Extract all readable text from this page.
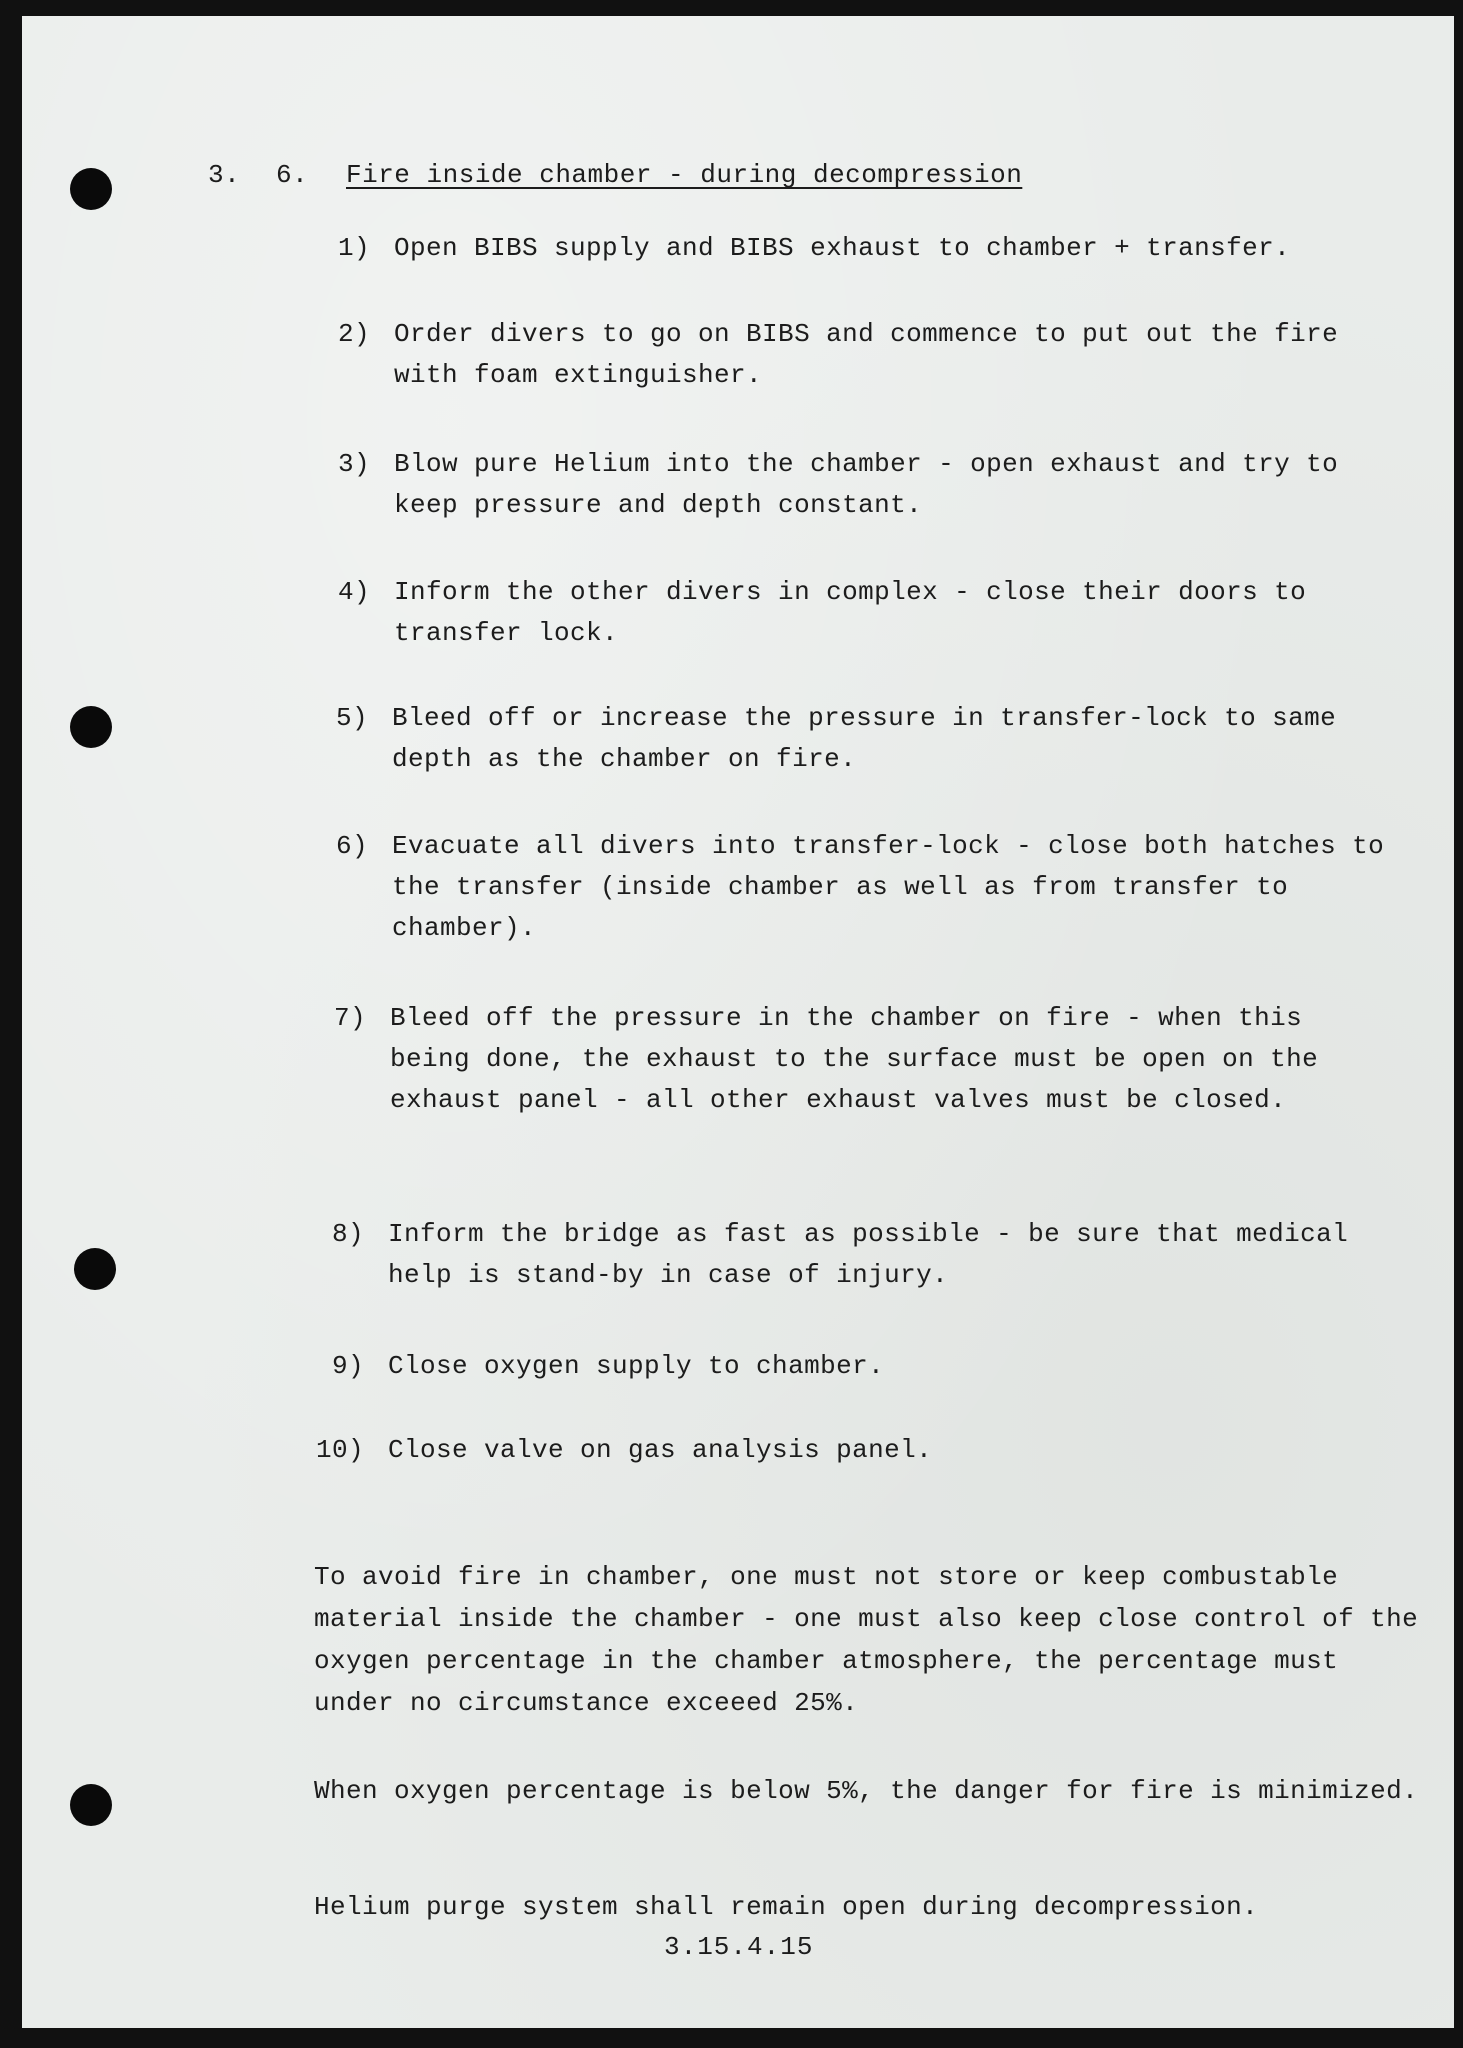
3. 6. Fire inside chamber - during decompression
1) Open BIBS supply and BIBS exhaust to chamber + transfer.
2) Order divers to go on BIBS and commence to put out the fire with foam extinguisher.
3) Blow pure Helium into the chamber - open exhaust and try to keep pressure and depth constant.
4) Inform the other divers in complex - close their doors to transfer lock.
5) Bleed off or increase the pressure in transfer-lock to same depth as the chamber on fire.
6) Evacuate all divers into transfer-lock - close both hatches to the transfer (inside chamber as well as from transfer to chamber).
7) Bleed off the pressure in the chamber on fire - when this being done, the exhaust to the surface must be open on the exhaust panel - all other exhaust valves must be closed.
8) Inform the bridge as fast as possible - be sure that medical help is stand-by in case of injury.
9) Close oxygen supply to chamber.
10) Close valve on gas analysis panel.
To avoid fire in chamber, one must not store or keep combustable material inside the chamber - one must also keep close control of the oxygen percentage in the chamber atmosphere, the percentage must under no circumstance exceeed 25%.
When oxygen percentage is below 5%, the danger for fire is minimized.
Helium purge system shall remain open during decompression.
3.15.4.15
